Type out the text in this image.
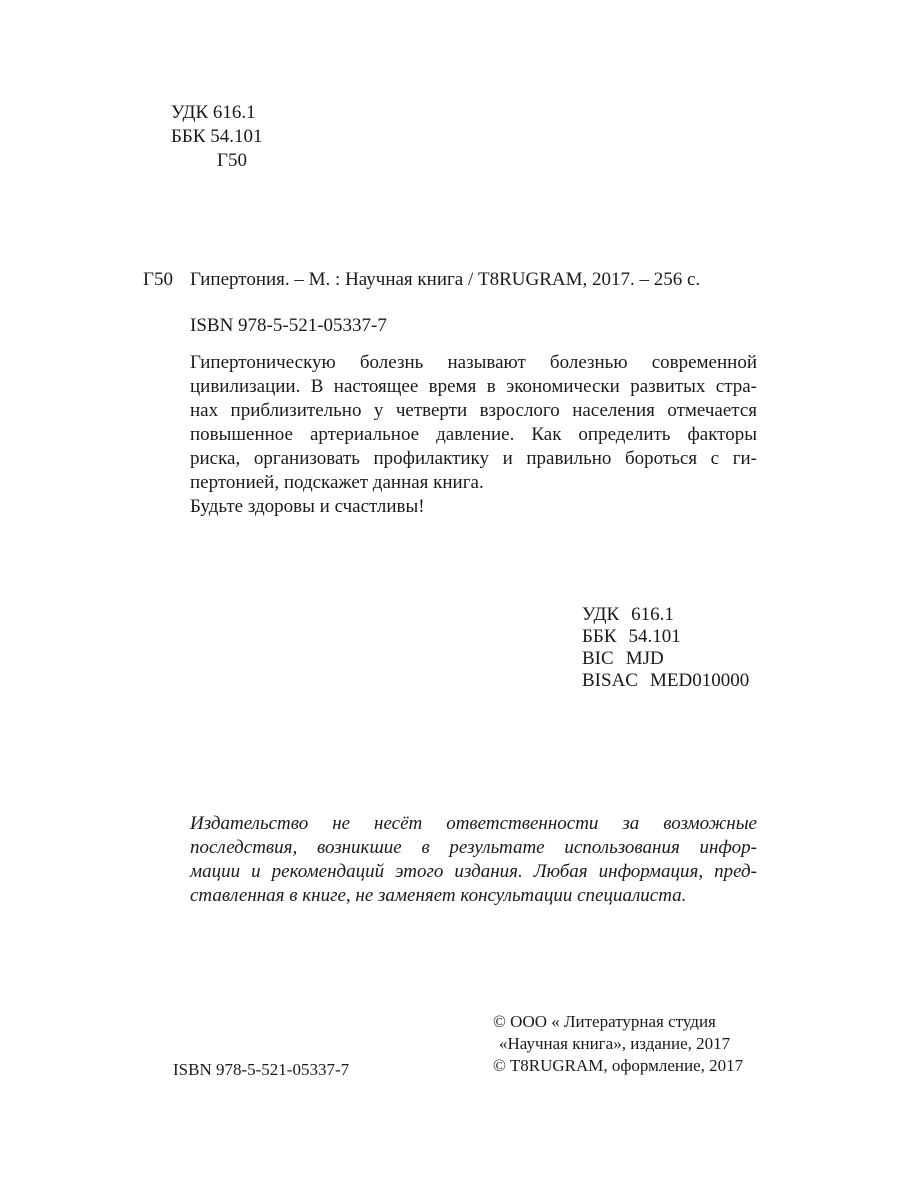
УДК 616.1
ББК 54.101
Г50
Г50 Гипертония. – М. : Научная книга / T8RUGRAM, 2017. – 256 с.
ISBN 978-5-521-05337-7
Гипертоническую болезнь называют болезнью современной
цивилизации. В настоящее время в экономически развитых стра-
нах приблизительно у четверти взрослого населения отмечается
повышенное артериальное давление. Как определить факторы
риска, организовать профилактику и правильно бороться с ги-
пертонией, подскажет данная книга.
Будьте здоровы и счастливы!
УДК 616.1
ББК 54.101
BIC MJD
BISAC MED010000
Издательство не несёт ответственности за возможные
последствия, возникшие в результате использования инфор-
мации и рекомендаций этого издания. Любая информация, пред-
ставленная в книге, не заменяет консультации специалиста.
© ООО « Литературная студия
«Научная книга», издание, 2017
© T8RUGRAM, оформление, 2017
ISBN 978-5-521-05337-7
